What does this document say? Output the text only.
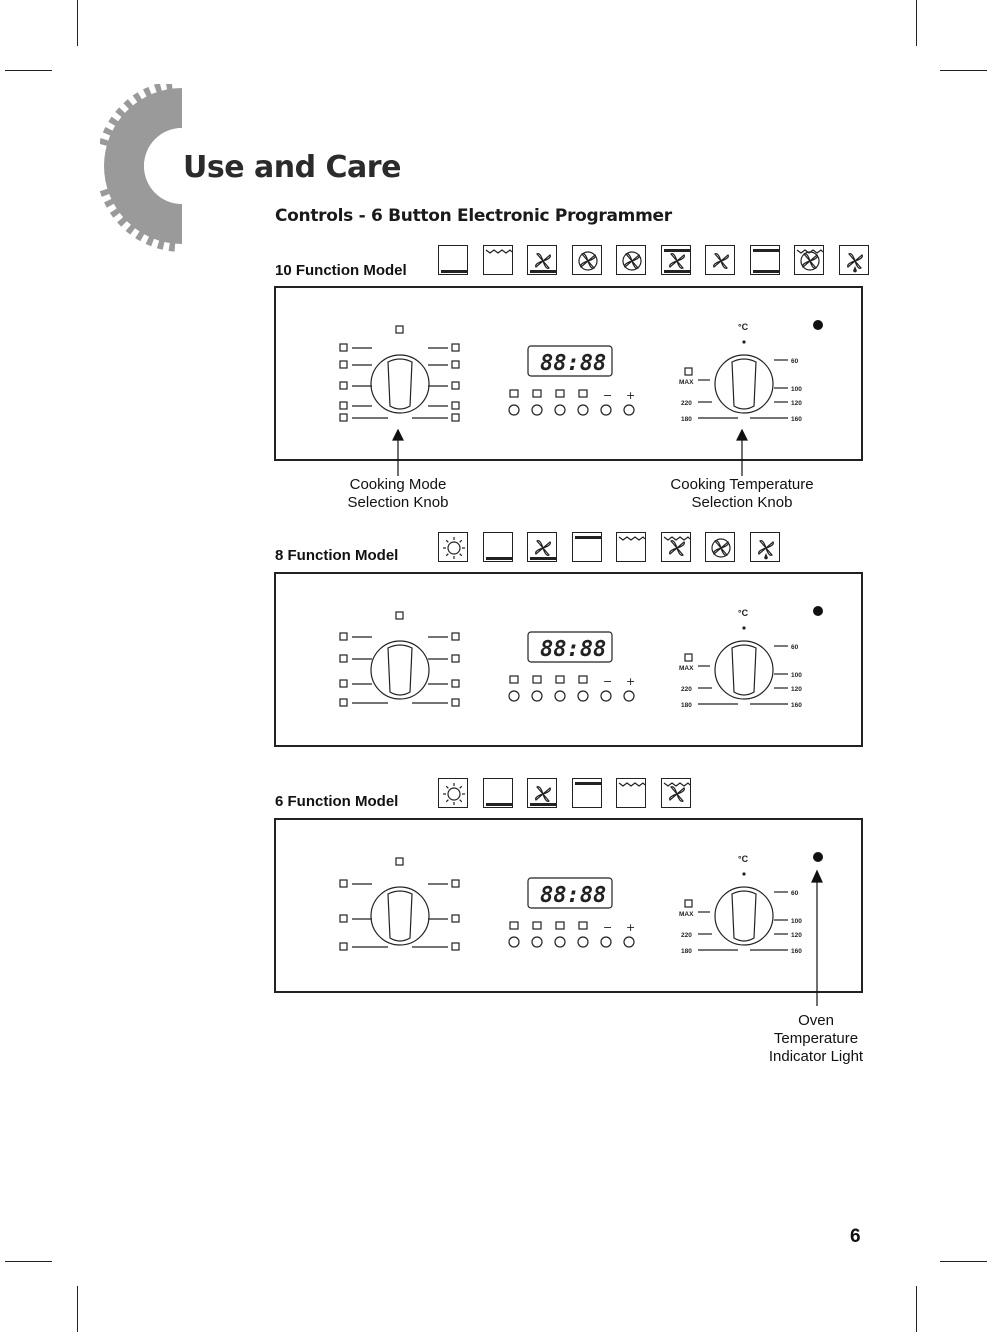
Use and Care
Controls - 6 Button Electronic Programmer

10 Function Model

88:88
− +
°C
MAX
60
100
120
160
220
180

Cooking Mode
Selection Knob

Cooking Temperature
Selection Knob

8 Function Model

88:88
− +
°C
MAX
60
100
120
160
220
180

6 Function Model

88:88
− +
°C
MAX
60
100
120
160
220
180

Oven
Temperature
Indicator Light

6
